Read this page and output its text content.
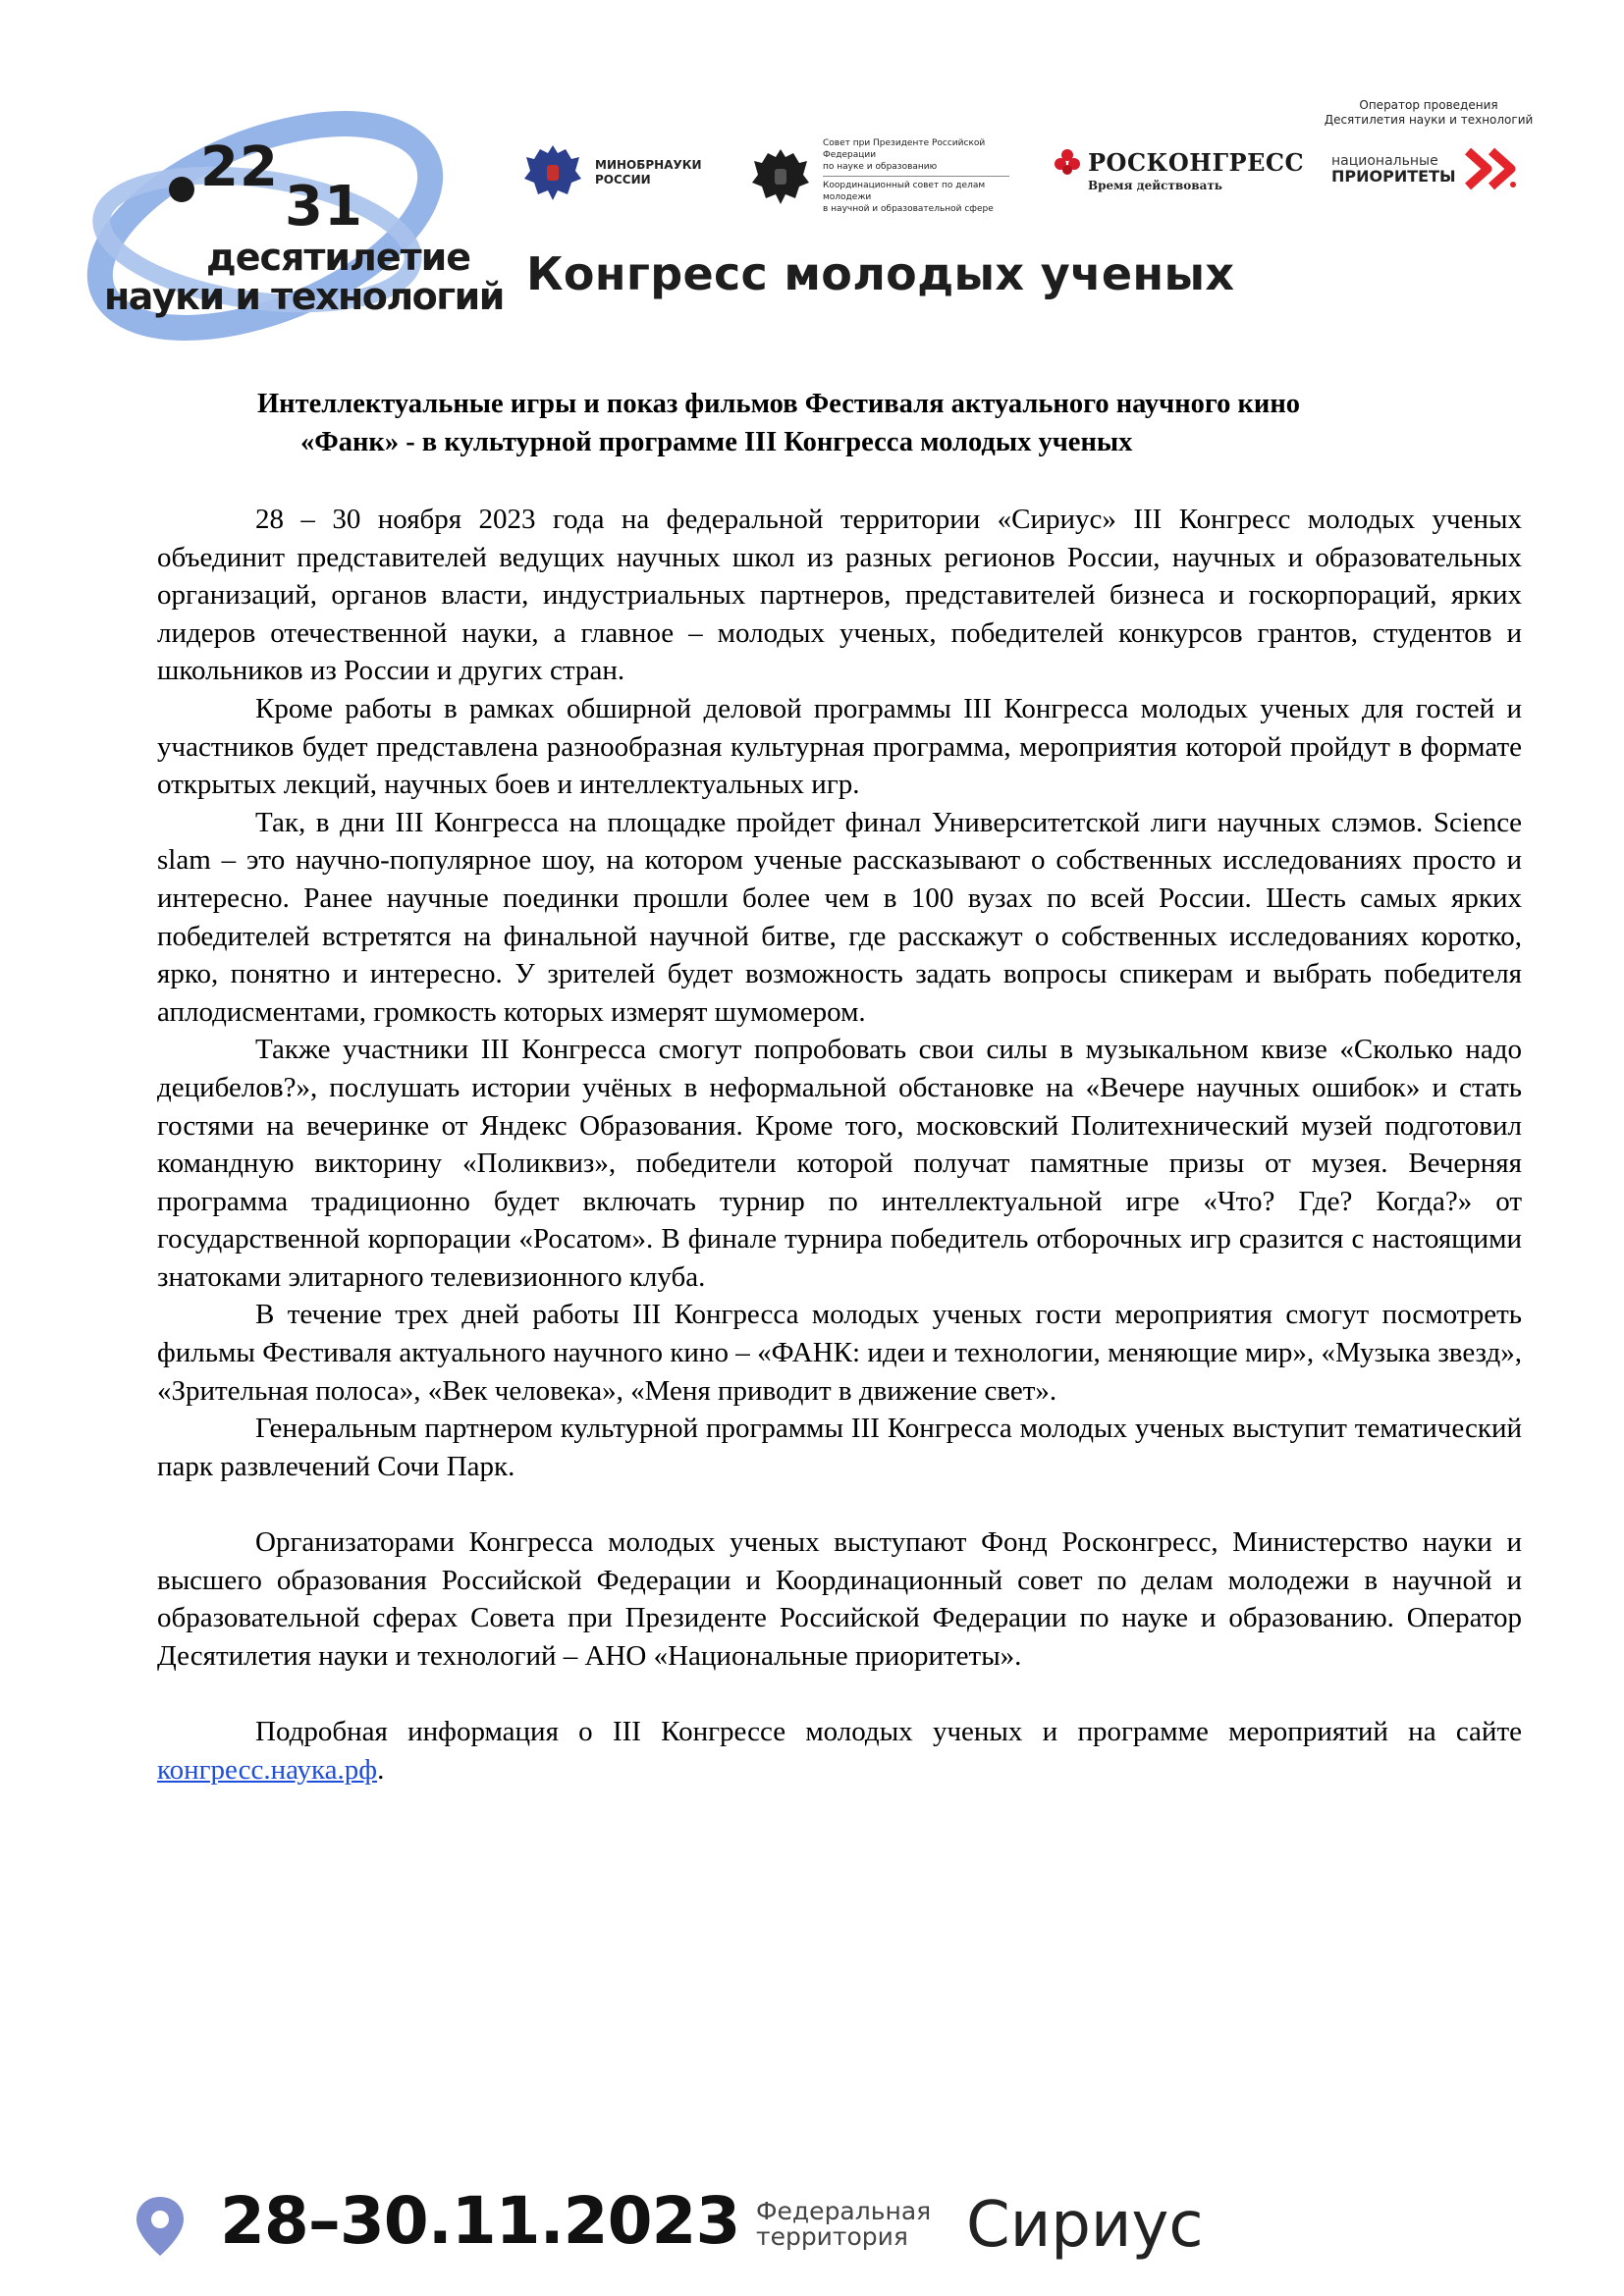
22
31
десятилетие
науки и технологий
МИНОБРНАУКИ
РОССИИ
Совет при Президенте Российской Федерации
по науке и образованию
Координационный совет по делам молодежи
в научной и образовательной сфере
РОСКОНГРЕСС
Время действовать
Оператор проведения
Десятилетия науки и технологий
национальные
ПРИОРИТЕТЫ
Конгресс молодых ученых
Интеллектуальные игры и показ фильмов Фестиваля актуального научного кино
«Фанк» - в культурной программе III Конгресса молодых ученых

28 – 30 ноября 2023 года на федеральной территории «Сириус» III Конгресс молодых ученых объединит представителей ведущих научных школ из разных регионов России, научных и образовательных организаций, органов власти, индустриальных партнеров, представителей бизнеса и госкорпораций, ярких лидеров отечественной науки, а главное – молодых ученых, победителей конкурсов грантов, студентов и школьников из России и других стран.

Кроме работы в рамках обширной деловой программы III Конгресса молодых ученых для гостей и участников будет представлена разнообразная культурная программа, мероприятия которой пройдут в формате открытых лекций, научных боев и интеллектуальных игр.

Так, в дни III Конгресса на площадке пройдет финал Университетской лиги научных слэмов. Science slam – это научно-популярное шоу, на котором ученые рассказывают о собственных исследованиях просто и интересно. Ранее научные поединки прошли более чем в 100 вузах по всей России. Шесть самых ярких победителей встретятся на финальной научной битве, где расскажут о собственных исследованиях коротко, ярко, понятно и интересно. У зрителей будет возможность задать вопросы спикерам и выбрать победителя аплодисментами, громкость которых измерят шумомером.

Также участники III Конгресса смогут попробовать свои силы в музыкальном квизе «Сколько надо децибелов?», послушать истории учёных в неформальной обстановке на «Вечере научных ошибок» и стать гостями на вечеринке от Яндекс Образования. Кроме того, московский Политехнический музей подготовил командную викторину «Поликвиз», победители которой получат памятные призы от музея. Вечерняя программа традиционно будет включать турнир по интеллектуальной игре «Что? Где? Когда?» от государственной корпорации «Росатом». В финале турнира победитель отборочных игр сразится с настоящими знатоками элитарного телевизионного клуба.

В течение трех дней работы III Конгресса молодых ученых гости мероприятия смогут посмотреть фильмы Фестиваля актуального научного кино – «ФАНК: идеи и технологии, меняющие мир», «Музыка звезд», «Зрительная полоса», «Век человека», «Меня приводит в движение свет».

Генеральным партнером культурной программы III Конгресса молодых ученых выступит тематический парк развлечений Сочи Парк.

Организаторами Конгресса молодых ученых выступают Фонд Росконгресс, Министерство науки и высшего образования Российской Федерации и Координационный совет по делам молодежи в научной и образовательной сферах Совета при Президенте Российской Федерации по науке и образованию. Оператор Десятилетия науки и технологий – АНО «Национальные приоритеты».

Подробная информация о III Конгрессе молодых ученых и программе мероприятий на сайте конгресс.наука.рф.

28–30.11.2023 Федеральная
территория Сириус
